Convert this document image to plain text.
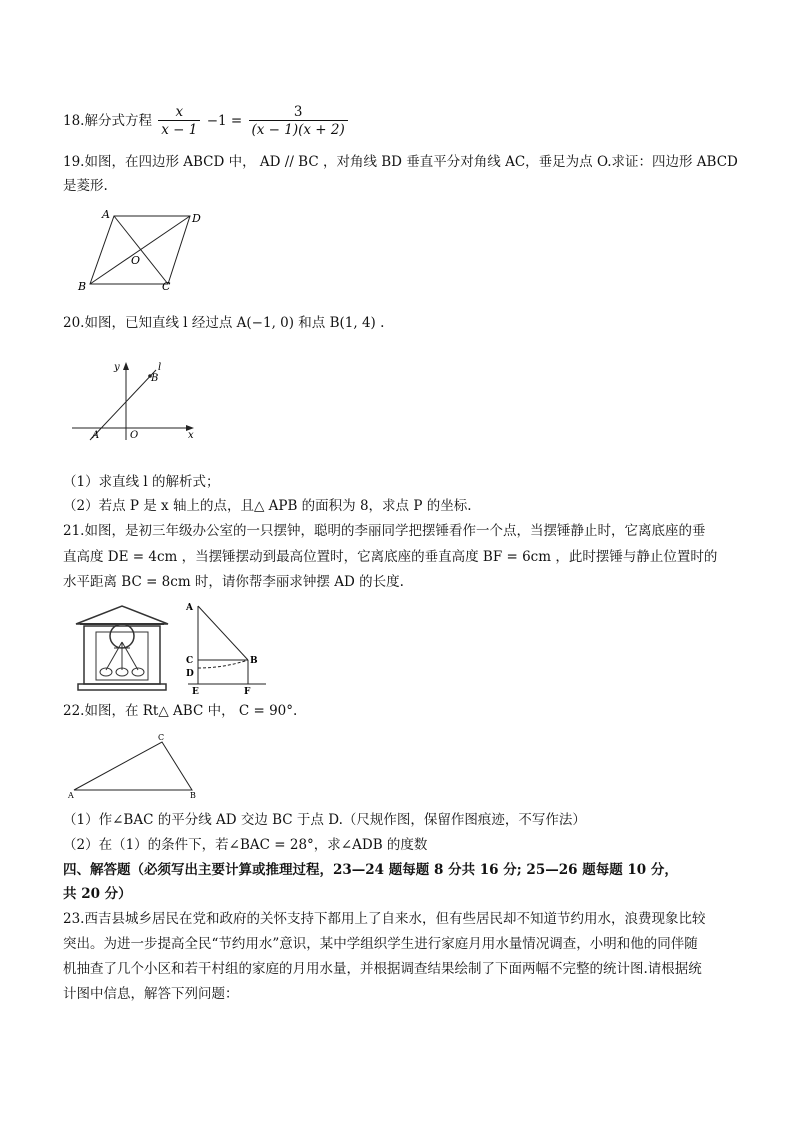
18.解分式方程 $\frac{x}{x - 1} -1 = \frac{3}{(x - 1)(x + 2)}$
19.如图，在四边形 ABCD 中， AD // BC ，对角线 BD 垂直平分对角线 AC，垂足为点 O.求证：四边形 ABCD
是菱形.
A	D
B	C
O
20.如图，已知直线 l 经过点 A(−1, 0) 和点 B(1, 4) .
y
x
l
B
A	O
（1）求直线 l 的解析式；
（2）若点 P 是 x 轴上的点，且△ APB 的面积为 8，求点 P 的坐标.
21.如图，是初三年级办公室的一只摆钟，聪明的李丽同学把摆锤看作一个点，当摆锤静止时，它离底座的垂
直高度 DE = 4cm ，当摆锤摆动到最高位置时，它离底座的垂直高度 BF = 6cm ，此时摆锤与静止位置时的
水平距离 BC = 8cm 时，请你帮李丽求钟摆 AD 的长度.
A
C
D
B
E	F
22.如图，在 Rt△ ABC 中， C = 90°.
A
C
B
（1）作∠BAC 的平分线 AD 交边 BC 于点 D.（尺规作图，保留作图痕迹，不写作法）
（2）在（1）的条件下，若∠BAC = 28°，求∠ADB 的度数
四、解答题（必须写出主要计算或推理过程，23—24 题每题 8 分共 16 分; 25—26 题每题 10 分，
共 20 分）
23.西吉县城乡居民在党和政府的关怀支持下都用上了自来水，但有些居民却不知道节约用水，浪费现象比较
突出。为进一步提高全民“节约用水”意识，某中学组织学生进行家庭月用水量情况调查，小明和他的同伴随
机抽查了几个小区和若干村组的家庭的月用水量，并根据调查结果绘制了下面两幅不完整的统计图.请根据统
计图中信息，解答下列问题：
